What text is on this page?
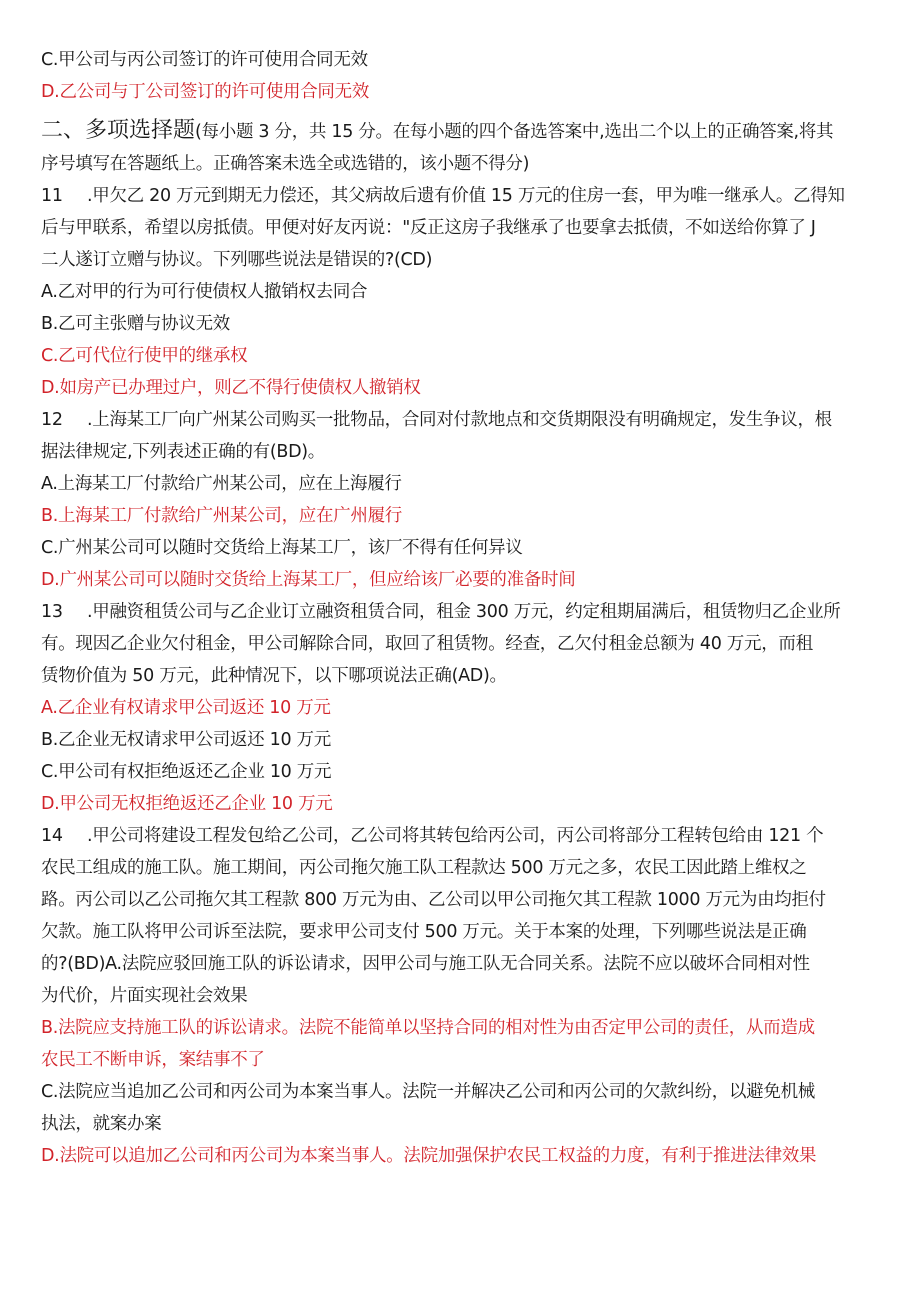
C.甲公司与丙公司签订的许可使用合同无效

D.乙公司与丁公司签订的许可使用合同无效

二、多项选择题(每小题 3 分，共 15 分。在每小题的四个备选答案中,选出二个以上的正确答案,将其

序号填写在答题纸上。正确答案未选全或选错的，该小题不得分)

11 .甲欠乙 20 万元到期无力偿还，其父病故后遗有价值 15 万元的住房一套，甲为唯一继承人。乙得知

后与甲联系，希望以房抵债。甲便对好友丙说："反正这房子我继承了也要拿去抵债，不如送给你算了 J

二人遂订立赠与协议。下列哪些说法是错误的?(CD)

A.乙对甲的行为可行使债权人撤销权去同合

B.乙可主张赠与协议无效

C.乙可代位行使甲的继承权

D.如房产已办理过户，则乙不得行使债权人撤销权

12 .上海某工厂向广州某公司购买一批物品，合同对付款地点和交货期限没有明确规定，发生争议，根

据法律规定,下列表述正确的有(BD)。

A.上海某工厂付款给广州某公司，应在上海履行

B.上海某工厂付款给广州某公司，应在广州履行

C.广州某公司可以随时交货给上海某工厂，该厂不得有任何异议

D.广州某公司可以随时交货给上海某工厂，但应给该厂必要的准备时间

13 .甲融资租赁公司与乙企业订立融资租赁合同，租金 300 万元，约定租期届满后，租赁物归乙企业所

有。现因乙企业欠付租金，甲公司解除合同，取回了租赁物。经查，乙欠付租金总额为 40 万元，而租

赁物价值为 50 万元，此种情况下，以下哪项说法正确(AD)。

A.乙企业有权请求甲公司返还 10 万元

B.乙企业无权请求甲公司返还 10 万元

C.甲公司有权拒绝返还乙企业 10 万元

D.甲公司无权拒绝返还乙企业 10 万元

14 .甲公司将建设工程发包给乙公司，乙公司将其转包给丙公司，丙公司将部分工程转包给由 121 个

农民工组成的施工队。施工期间，丙公司拖欠施工队工程款达 500 万元之多，农民工因此踏上维权之

路。丙公司以乙公司拖欠其工程款 800 万元为由、乙公司以甲公司拖欠其工程款 1000 万元为由均拒付

欠款。施工队将甲公司诉至法院，要求甲公司支付 500 万元。关于本案的处理，下列哪些说法是正确

的?(BD)A.法院应驳回施工队的诉讼请求，因甲公司与施工队无合同关系。法院不应以破坏合同相对性

为代价，片面实现社会效果

B.法院应支持施工队的诉讼请求。法院不能简单以坚持合同的相对性为由否定甲公司的责任，从而造成

农民工不断申诉，案结事不了

C.法院应当追加乙公司和丙公司为本案当事人。法院一并解决乙公司和丙公司的欠款纠纷，以避免机械

执法，就案办案

D.法院可以追加乙公司和丙公司为本案当事人。法院加强保护农民工权益的力度，有利于推进法律效果
